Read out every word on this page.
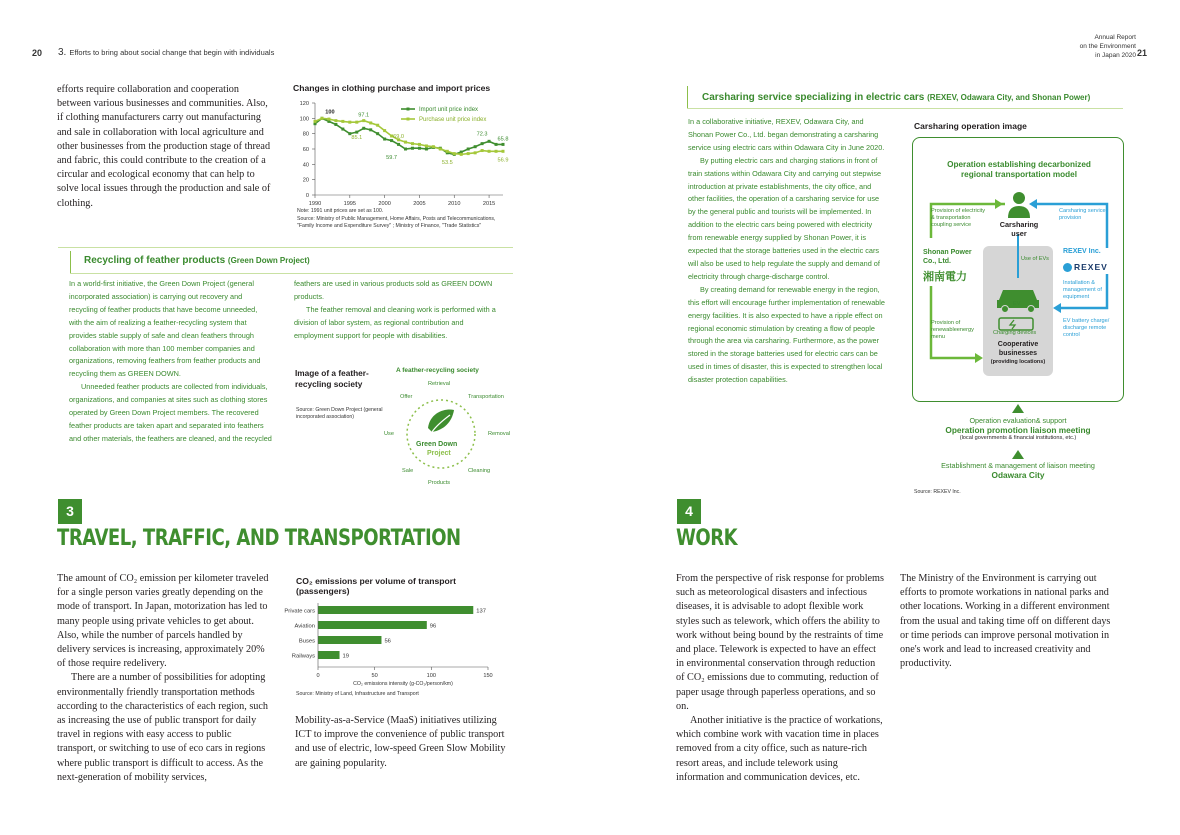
20 3. Efforts to bring about social change that begin with individuals
Annual Report
on the Environment
in Japan 2020 21

efforts require collaboration and cooperation between various businesses and communities. Also, if clothing manufacturers carry out manufacturing and sale in collaboration with local agriculture and other businesses from the production stage of thread and fabric, this could contribute to the creation of a circular and ecological economy that can help to solve local issues through the production and sale of clothing.

Changes in clothing purchase and import prices
0
20
40
60
80
100
120
1990	1995	2000	2005	2010	2015
Import unit price index
Purchase unit price index
100
97.1
85.1	69.0
59.7
53.5
72.3
65.8
56.9
Note: 1991 unit prices are set as 100.
Source: Ministry of Public Management, Home Affairs, Posts and Telecommunications, "Family Income and Expenditure Survey" ; Ministry of Finance, "Trade Statistics"
Recycling of feather products (Green Down Project)

In a world-first initiative, the Green Down Project (general incorporated association) is carrying out recovery and recycling of feather products that have become unneeded, with the aim of realizing a feather-recycling system that provides stable supply of safe and clean feathers through collaboration with more than 100 member companies and organizations, removing feathers from feather products and recycling them as GREEN DOWN.

Unneeded feather products are collected from individuals, organizations, and companies at sites such as clothing stores operated by Green Down Project members. The recovered feather products are taken apart and separated into feathers and other materials, the feathers are cleaned, and the recycled

feathers are used in various products sold as GREEN DOWN products.

The feather removal and cleaning work is performed with a division of labor system, as regional contribution and employment support for people with disabilities.

Image of a feather-recycling society
Source: Green Down Project (general incorporated association)
A feather-recycling society
Green Down
Project
Retrieval
Transportation
Removal
Cleaning
Products
Sale
Use
Offer
3
TRAVEL, TRAFFIC, AND TRANSPORTATION

The amount of CO₂ emission per kilometer traveled for a single person varies greatly depending on the mode of transport. In Japan, motorization has led to many people using private vehicles to get about. Also, while the number of parcels handled by delivery services is increasing, approximately 20% of those require redelivery.

There are a number of possibilities for adopting environmentally friendly transportation methods according to the characteristics of each region, such as increasing the use of public transport for daily travel in regions with easy access to public transport, or switching to use of eco cars in regions where public transport is difficult to access. As the next-generation of mobility services,

Mobility-as-a-Service (MaaS) initiatives utilizing ICT to improve the convenience of public transport and use of electric, low-speed Green Slow Mobility are gaining popularity.

CO₂ emissions per volume of transport
(passengers)
Private cars	137
Aviation	96
Buses	56
Railways	19
0	50	100	150
CO₂ emissions intensity (g-CO₂/person/km)
Source: Ministry of Land, Infrastructure and Transport
Carsharing service specializing in electric cars (REXEV, Odawara City, and Shonan Power)

In a collaborative initiative, REXEV, Odawara City, and Shonan Power Co., Ltd. began demonstrating a carsharing service using electric cars within Odawara City in June 2020.

By putting electric cars and charging stations in front of train stations within Odawara City and carrying out stepwise introduction at private establishments, the city office, and other facilities, the operation of a carsharing service for use by the general public and tourists will be implemented. In addition to the electric cars being powered with electricity from renewable energy supplied by Shonan Power, it is expected that the storage batteries used in the electric cars will also be used to help regulate the supply and demand of electricity through charge-discharge control.

By creating demand for renewable energy in the region, this effort will encourage further implementation of renewable energy facilities. It is also expected to have a ripple effect on regional economic stimulation by creating a flow of people through the area via carsharing. Furthermore, as the power stored in the storage batteries used for electric cars can be used in times of disaster, this is expected to strengthen local disaster protection capabilities.

Carsharing operation image
Operation establishing decarbonized
regional transportation model
Provision of electricity & transportation coupling service
Carsharing service provision
Carsharing
user
Shonan Power
Co., Ltd.
湘南電力
REXEV Inc.
REXEV
Use of EVs
EV
Charging devices
Cooperative
businesses
(providing locations)
Installation & management of equipment
Provision of renewableenergy menu
EV battery charge/ discharge remote control
Operation evaluation& support
Operation promotion liaison meeting
(local governments & financial institutions, etc.)
Establishment & management of liaison meeting
Odawara City
Source: REXEV Inc.
4
WORK

From the perspective of risk response for problems such as meteorological disasters and infectious diseases, it is advisable to adopt flexible work styles such as telework, which offers the ability to work without being bound by the restraints of time and place. Telework is expected to have an effect in environmental conservation through reduction of CO₂ emissions due to commuting, reduction of paper usage through paperless operations, and so on.

Another initiative is the practice of workations, which combine work with vacation time in places removed from a city office, such as nature-rich resort areas, and include telework using information and communication devices, etc.

The Ministry of the Environment is carrying out efforts to promote workations in national parks and other locations. Working in a different environment from the usual and taking time off on different days or time periods can improve personal motivation in one's work and lead to increased creativity and productivity.
